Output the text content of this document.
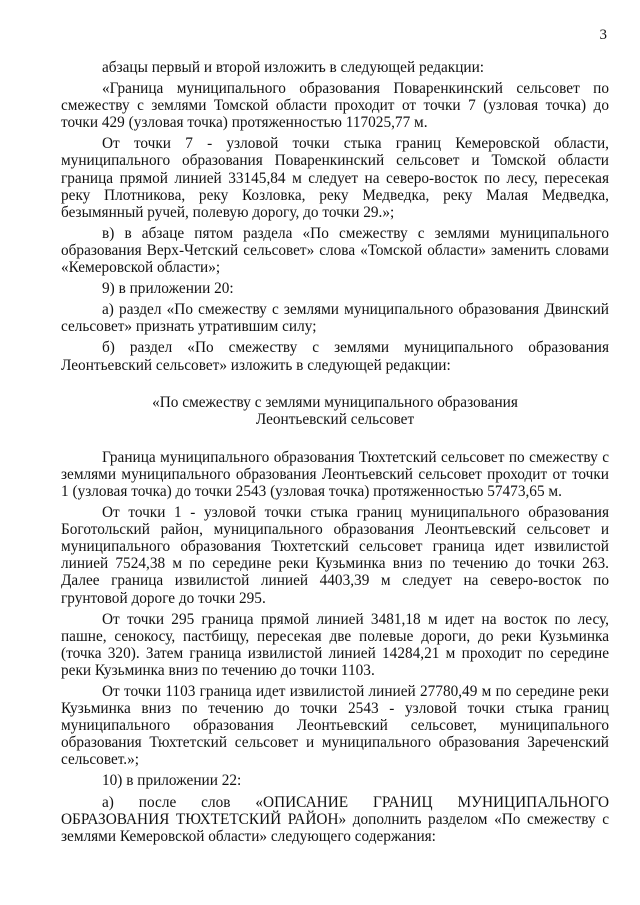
3

абзацы первый и второй изложить в следующей редакции:

«Граница муниципального образования Поваренкинский сельсовет по смежеству с землями Томской области проходит от точки 7 (узловая точка) до точки 429 (узловая точка) протяженностью 117025,77 м.

От точки 7 - узловой точки стыка границ Кемеровской области, муниципального образования Поваренкинский сельсовет и Томской области граница прямой линией 33145,84 м следует на северо-восток по лесу, пересекая реку Плотникова, реку Козловка, реку Медведка, реку Малая Медведка, безымянный ручей, полевую дорогу, до точки 29.»;

в) в абзаце пятом раздела «По смежеству с землями муниципального образования Верх-Четский сельсовет» слова «Томской области» заменить словами «Кемеровской области»;

9) в приложении 20:

а) раздел «По смежеству с землями муниципального образования Двинский сельсовет» признать утратившим силу;

б) раздел «По смежеству с землями муниципального образования Леонтьевский сельсовет» изложить в следующей редакции:

«По смежеству с землями муниципального образования
Леонтьевский сельсовет

Граница муниципального образования Тюхтетский сельсовет по смежеству с землями муниципального образования Леонтьевский сельсовет проходит от точки 1 (узловая точка) до точки 2543 (узловая точка) протяженностью 57473,65 м.

От точки 1 - узловой точки стыка границ муниципального образования Боготольский район, муниципального образования Леонтьевский сельсовет и муниципального образования Тюхтетский сельсовет граница идет извилистой линией 7524,38 м по середине реки Кузьминка вниз по течению до точки 263. Далее граница извилистой линией 4403,39 м следует на северо-восток по грунтовой дороге до точки 295.

От точки 295 граница прямой линией 3481,18 м идет на восток по лесу, пашне, сенокосу, пастбищу, пересекая две полевые дороги, до реки Кузьминка (точка 320). Затем граница извилистой линией 14284,21 м проходит по середине реки Кузьминка вниз по течению до точки 1103.

От точки 1103 граница идет извилистой линией 27780,49 м по середине реки Кузьминка вниз по течению до точки 2543 - узловой точки стыка границ муниципального образования Леонтьевский сельсовет, муниципального образования Тюхтетский сельсовет и муниципального образования Зареченский сельсовет.»;

10) в приложении 22:

а) после слов «ОПИСАНИЕ ГРАНИЦ МУНИЦИПАЛЬНОГО ОБРАЗОВАНИЯ ТЮХТЕТСКИЙ РАЙОН» дополнить разделом «По смежеству с землями Кемеровской области» следующего содержания:
